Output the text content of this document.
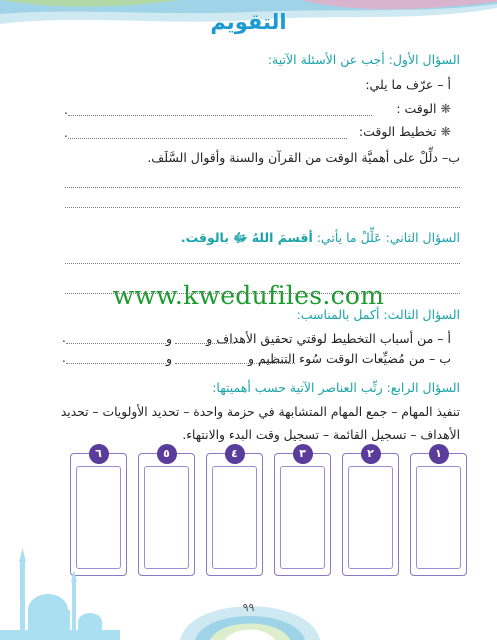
التقويم
السؤال الأول: أجب عن الأسئلة الآتية:
أ – عرّف ما يلي:
❋ الوقت :
.
❋ تخطيط الوقت:
.
ب– دلِّلْ على أهميَّة الوقت من القرآن والسنة وأقوال السَّلَف.
السؤال الثاني: عَلِّلْ ما يأتي: أقسمَ اللهُ ﷻ بالوقت.
www.kwedufiles.com
السؤال الثالث: أكمل بالمناسب:
أ – من أسباب التخطيط لوقتي تحقيق الأهداف و
و
.
ب – من مُضيِّعات الوقت سُوء التنظيم و
و
.
السؤال الرابع: رتِّب العناصر الآتية حسب أهميتها:
تنفيذ المهام – جمع المهام المتشابهة في حزمة واحدة – تحديد الأولويات – تحديد
الأهداف – تسجيل القائمة – تسجيل وقت البدء والانتهاء.
١
٢
٣
٤
٥
٦
٩٩
